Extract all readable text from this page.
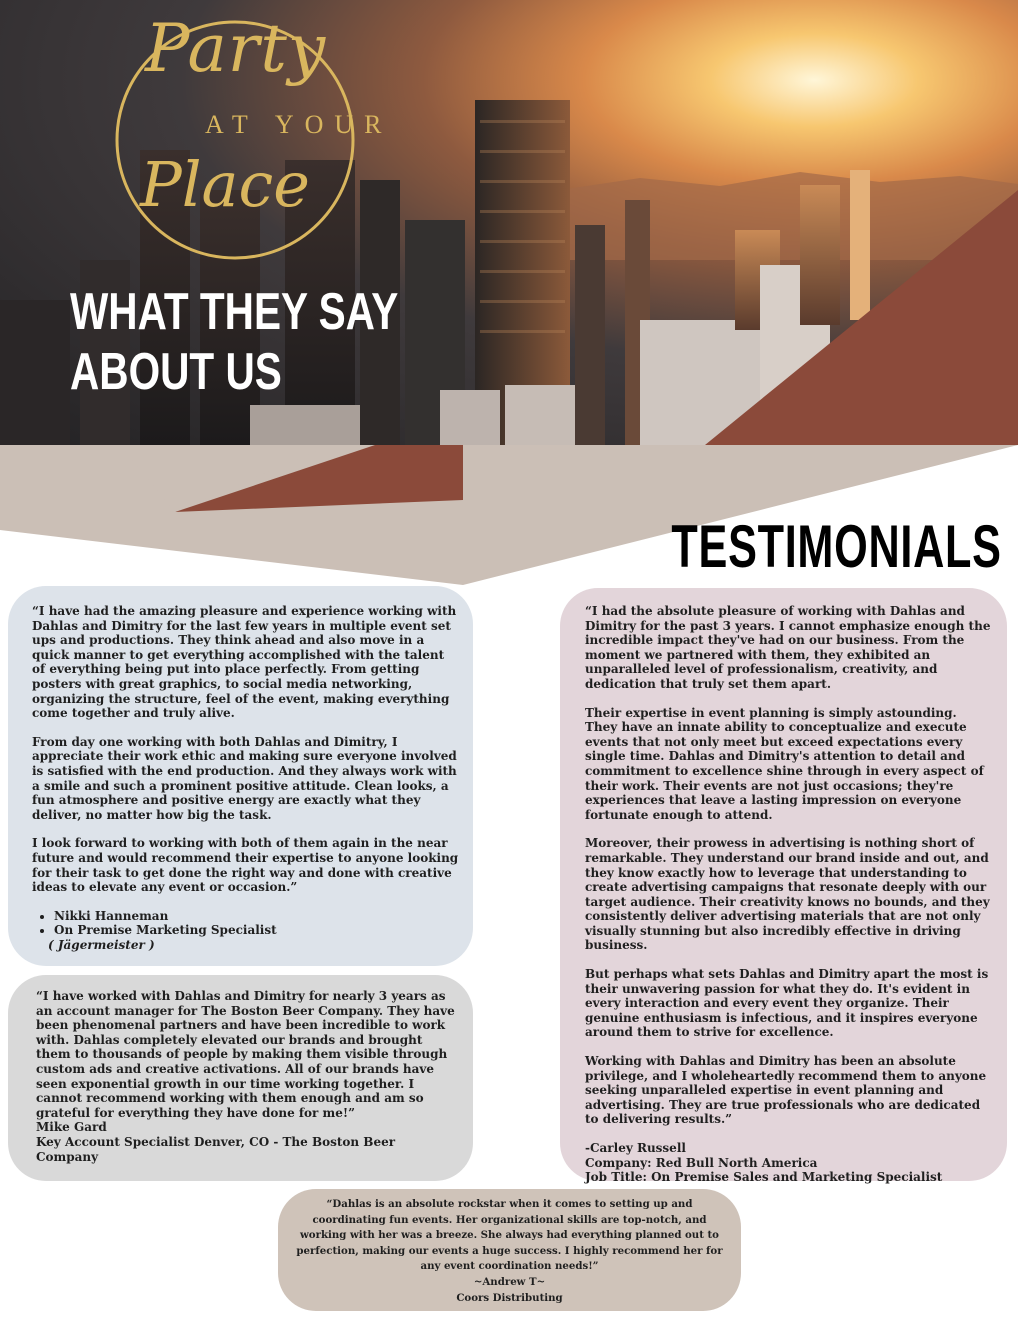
Party
AT YOUR
Place
WHAT THEY SAY
ABOUT US
TESTIMONIALS

“I have had the amazing pleasure and experience working with Dahlas and Dimitry for the last few years in multiple event set ups and productions. They think ahead and also move in a quick manner to get everything accomplished with the talent of everything being put into place perfectly. From getting posters with great graphics, to social media networking, organizing the structure, feel of the event, making everything come together and truly alive.

From day one working with both Dahlas and Dimitry, I appreciate their work ethic and making sure everyone involved is satisfied with the end production. And they always work with a smile and such a prominent positive attitude. Clean looks, a fun atmosphere and positive energy are exactly what they deliver, no matter how big the task.

I look forward to working with both of them again in the near future and would recommend their expertise to anyone looking for their task to get done the right way and done with creative ideas to elevate any event or occasion.”

• Nikki Hanneman
• On Premise Marketing Specialist
( Jägermeister )
“I have worked with Dahlas and Dimitry for nearly 3 years as an account manager for The Boston Beer Company. They have been phenomenal partners and have been incredible to work with. Dahlas completely elevated our brands and brought them to thousands of people by making them visible through custom ads and creative activations. All of our brands have seen exponential growth in our time working together. I cannot recommend working with them enough and am so grateful for everything they have done for me!”
Mike Gard
Key Account Specialist Denver, CO - The Boston Beer Company

“I had the absolute pleasure of working with Dahlas and Dimitry for the past 3 years. I cannot emphasize enough the incredible impact they've had on our business. From the moment we partnered with them, they exhibited an unparalleled level of professionalism, creativity, and dedication that truly set them apart.

Their expertise in event planning is simply astounding. They have an innate ability to conceptualize and execute events that not only meet but exceed expectations every single time. Dahlas and Dimitry's attention to detail and commitment to excellence shine through in every aspect of their work. Their events are not just occasions; they're experiences that leave a lasting impression on everyone fortunate enough to attend.

Moreover, their prowess in advertising is nothing short of remarkable. They understand our brand inside and out, and they know exactly how to leverage that understanding to create advertising campaigns that resonate deeply with our target audience. Their creativity knows no bounds, and they consistently deliver advertising materials that are not only visually stunning but also incredibly effective in driving business.

But perhaps what sets Dahlas and Dimitry apart the most is their unwavering passion for what they do. It's evident in every interaction and every event they organize. Their genuine enthusiasm is infectious, and it inspires everyone around them to strive for excellence.

Working with Dahlas and Dimitry has been an absolute privilege, and I wholeheartedly recommend them to anyone seeking unparalleled expertise in event planning and advertising. They are true professionals who are dedicated to delivering results.”

-Carley Russell
Company: Red Bull North America
Job Title: On Premise Sales and Marketing Specialist
“Dahlas is an absolute rockstar when it comes to setting up and coordinating fun events. Her organizational skills are top-notch, and working with her was a breeze. She always had everything planned out to perfection, making our events a huge success. I highly recommend her for any event coordination needs!”
~Andrew T~
Coors Distributing
